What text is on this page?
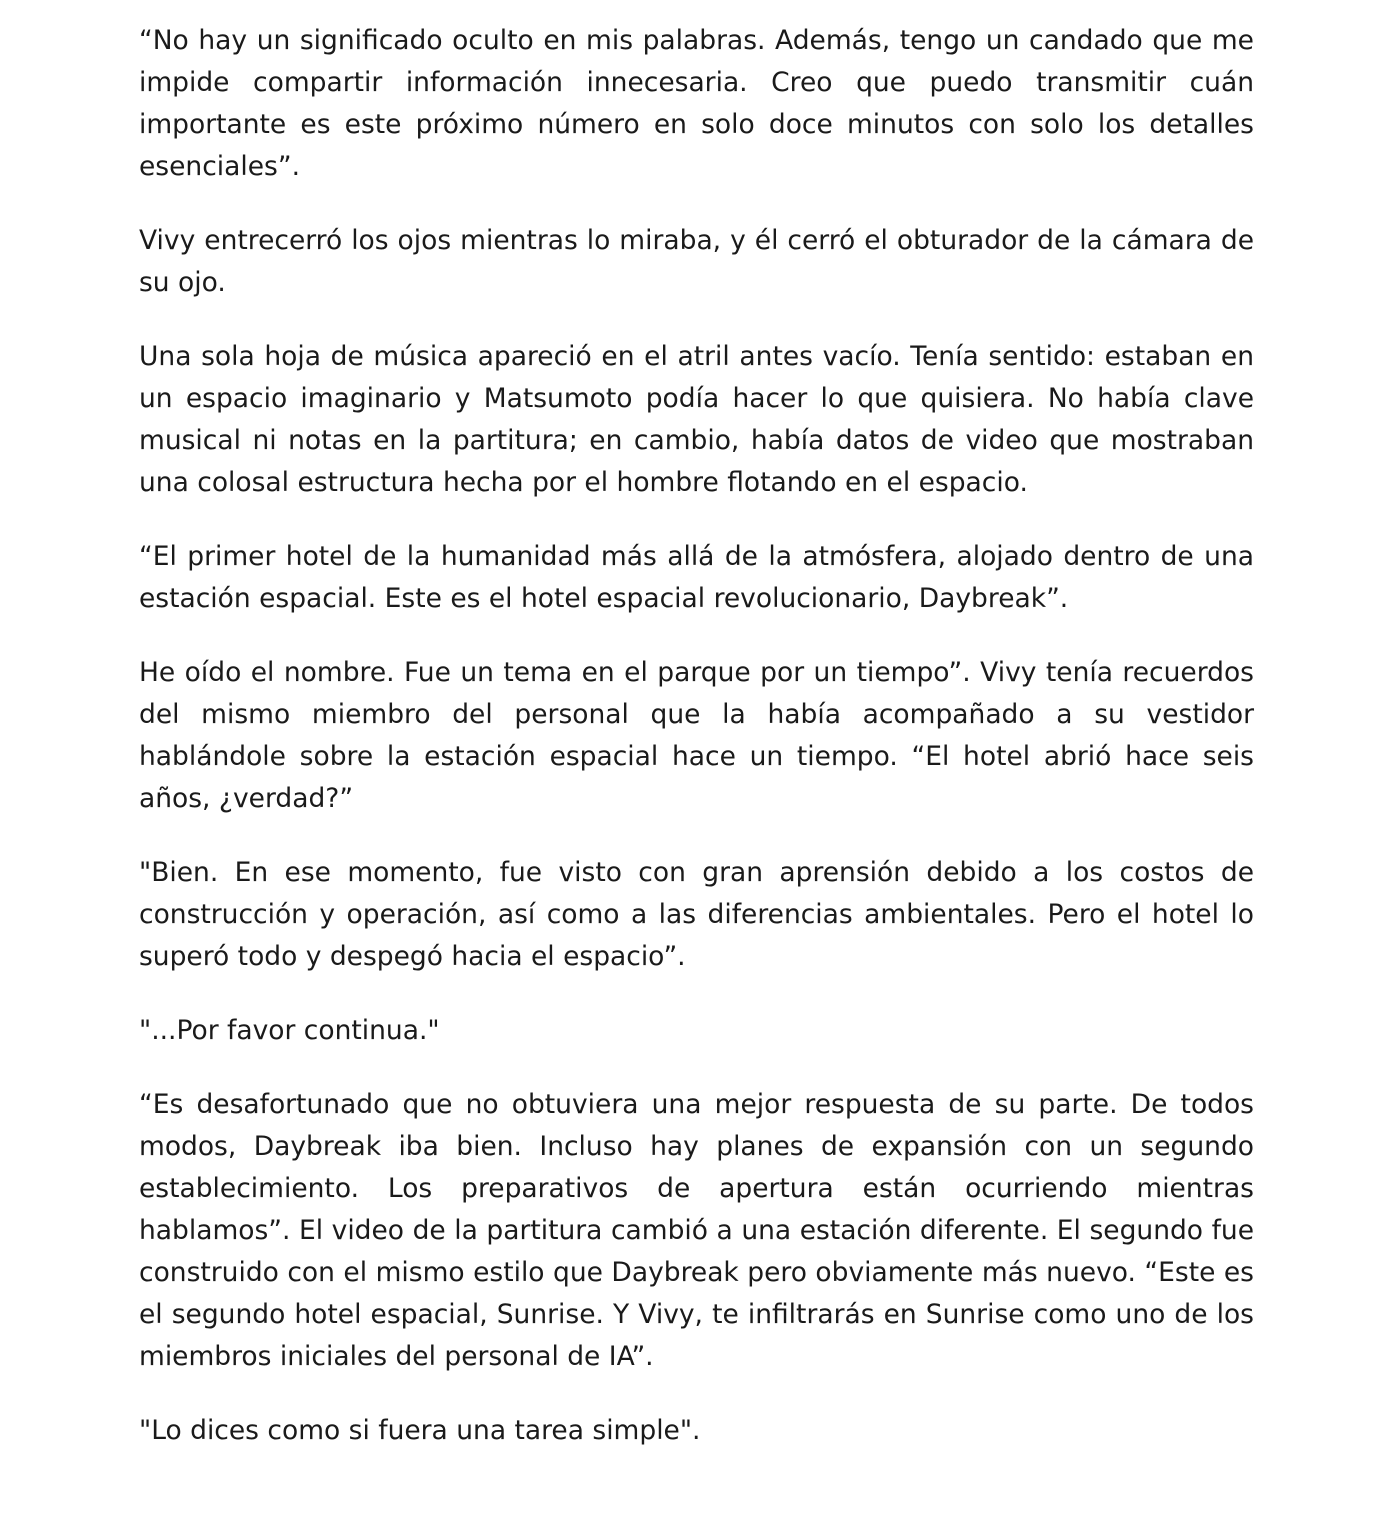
“No hay un significado oculto en mis palabras. Además, tengo un candado que me impide compartir información innecesaria. Creo que puedo transmitir cuán importante es este próximo número en solo doce minutos con solo los detalles esenciales”.

Vivy entrecerró los ojos mientras lo miraba, y él cerró el obturador de la cámara de su ojo.

Una sola hoja de música apareció en el atril antes vacío. Tenía sentido: estaban en un espacio imaginario y Matsumoto podía hacer lo que quisiera. No había clave musical ni notas en la partitura; en cambio, había datos de video que mostraban una colosal estructura hecha por el hombre flotando en el espacio.

“El primer hotel de la humanidad más allá de la atmósfera, alojado dentro de una estación espacial. Este es el hotel espacial revolucionario, Daybreak”.

He oído el nombre. Fue un tema en el parque por un tiempo”. Vivy tenía recuerdos del mismo miembro del personal que la había acompañado a su vestidor hablándole sobre la estación espacial hace un tiempo. “El hotel abrió hace seis años, ¿verdad?”

"Bien. En ese momento, fue visto con gran aprensión debido a los costos de construcción y operación, así como a las diferencias ambientales. Pero el hotel lo superó todo y despegó hacia el espacio”.

"...Por favor continua."

“Es desafortunado que no obtuviera una mejor respuesta de su parte. De todos modos, Daybreak iba bien. Incluso hay planes de expansión con un segundo establecimiento. Los preparativos de apertura están ocurriendo mientras hablamos”. El video de la partitura cambió a una estación diferente. El segundo fue construido con el mismo estilo que Daybreak pero obviamente más nuevo. “Este es el segundo hotel espacial, Sunrise. Y Vivy, te infiltrarás en Sunrise como uno de los miembros iniciales del personal de IA”.

"Lo dices como si fuera una tarea simple".
